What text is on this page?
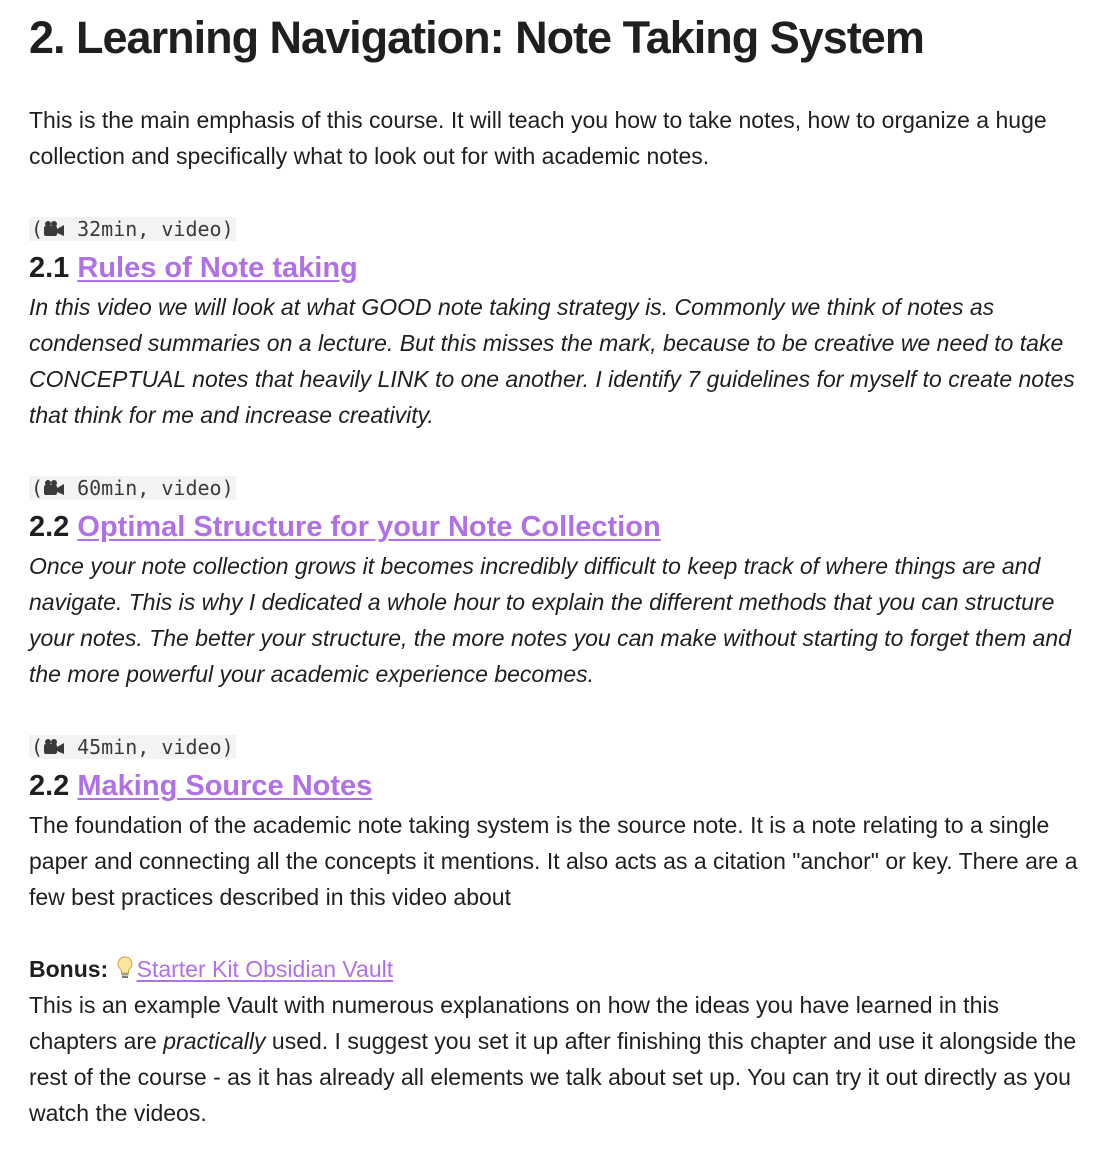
2. Learning Navigation: Note Taking System

This is the main emphasis of this course. It will teach you how to take notes, how to organize a huge collection and specifically what to look out for with academic notes.

( 32min, video)
2.1 Rules of Note taking

In this video we will look at what GOOD note taking strategy is. Commonly we think of notes as condensed summaries on a lecture. But this misses the mark, because to be creative we need to take CONCEPTUAL notes that heavily LINK to one another. I identify 7 guidelines for myself to create notes that think for me and increase creativity.

( 60min, video)
2.2 Optimal Structure for your Note Collection

Once your note collection grows it becomes incredibly difficult to keep track of where things are and navigate. This is why I dedicated a whole hour to explain the different methods that you can structure your notes. The better your structure, the more notes you can make without starting to forget them and the more powerful your academic experience becomes.

( 45min, video)
2.2 Making Source Notes

The foundation of the academic note taking system is the source note. It is a note relating to a single paper and connecting all the concepts it mentions. It also acts as a citation "anchor" or key. There are a few best practices described in this video about

Bonus: Starter Kit Obsidian Vault

This is an example Vault with numerous explanations on how the ideas you have learned in this chapters are practically used. I suggest you set it up after finishing this chapter and use it alongside the rest of the course - as it has already all elements we talk about set up. You can try it out directly as you watch the videos.
